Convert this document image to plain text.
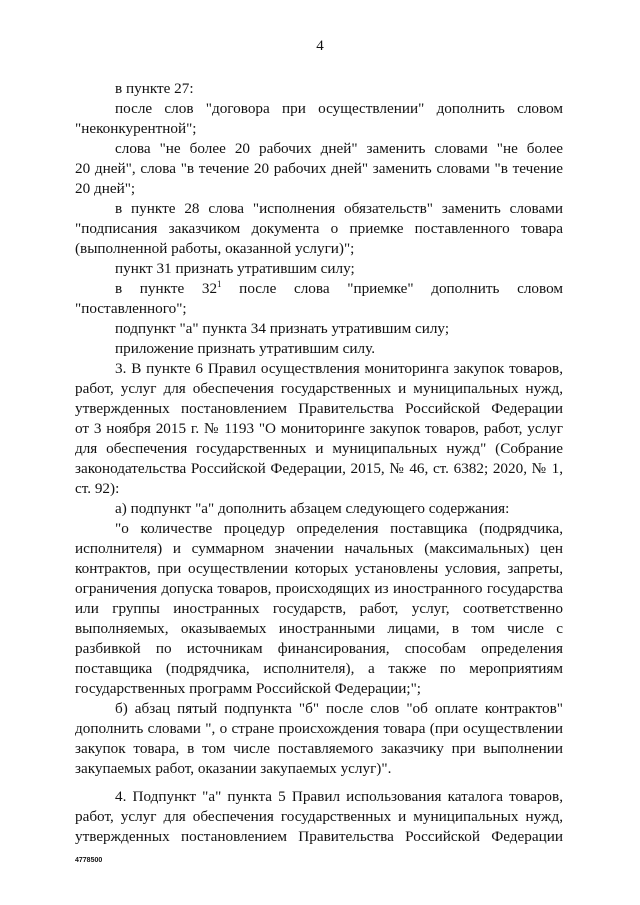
4
в пункте 27:
после слов "договора при осуществлении" дополнить словом
"неконкурентной";
слова "не более 20 рабочих дней" заменить словами "не более
20 дней", слова "в течение 20 рабочих дней" заменить словами "в течение
20 дней";
в пункте 28 слова "исполнения обязательств" заменить словами
"подписания заказчиком документа о приемке поставленного товара
(выполненной работы, оказанной услуги)";
пункт 31 признать утратившим силу;
в пункте $32^1$ после слова "приемке" дополнить словом
"поставленного";
подпункт "а" пункта 34 признать утратившим силу;
приложение признать утратившим силу.
3. В пункте 6 Правил осуществления мониторинга закупок товаров,
работ, услуг для обеспечения государственных и муниципальных нужд,
утвержденных постановлением Правительства Российской Федерации
от 3 ноября 2015 г. № 1193 "О мониторинге закупок товаров, работ, услуг
для обеспечения государственных и муниципальных нужд" (Собрание
законодательства Российской Федерации, 2015, № 46, ст. 6382; 2020, № 1,
ст. 92):
а) подпункт "а" дополнить абзацем следующего содержания:
"о количестве процедур определения поставщика (подрядчика,
исполнителя) и суммарном значении начальных (максимальных) цен
контрактов, при осуществлении которых установлены условия, запреты,
ограничения допуска товаров, происходящих из иностранного государства
или группы иностранных государств, работ, услуг, соответственно
выполняемых, оказываемых иностранными лицами, в том числе с
разбивкой по источникам финансирования, способам определения
поставщика (подрядчика, исполнителя), а также по мероприятиям
государственных программ Российской Федерации;";
б) абзац пятый подпункта "б" после слов "об оплате контрактов"
дополнить словами ", о стране происхождения товара (при осуществлении
закупок товара, в том числе поставляемого заказчику при выполнении
закупаемых работ, оказании закупаемых услуг)".
4. Подпункт "а" пункта 5 Правил использования каталога товаров,
работ, услуг для обеспечения государственных и муниципальных нужд,
утвержденных постановлением Правительства Российской Федерации
4778500
